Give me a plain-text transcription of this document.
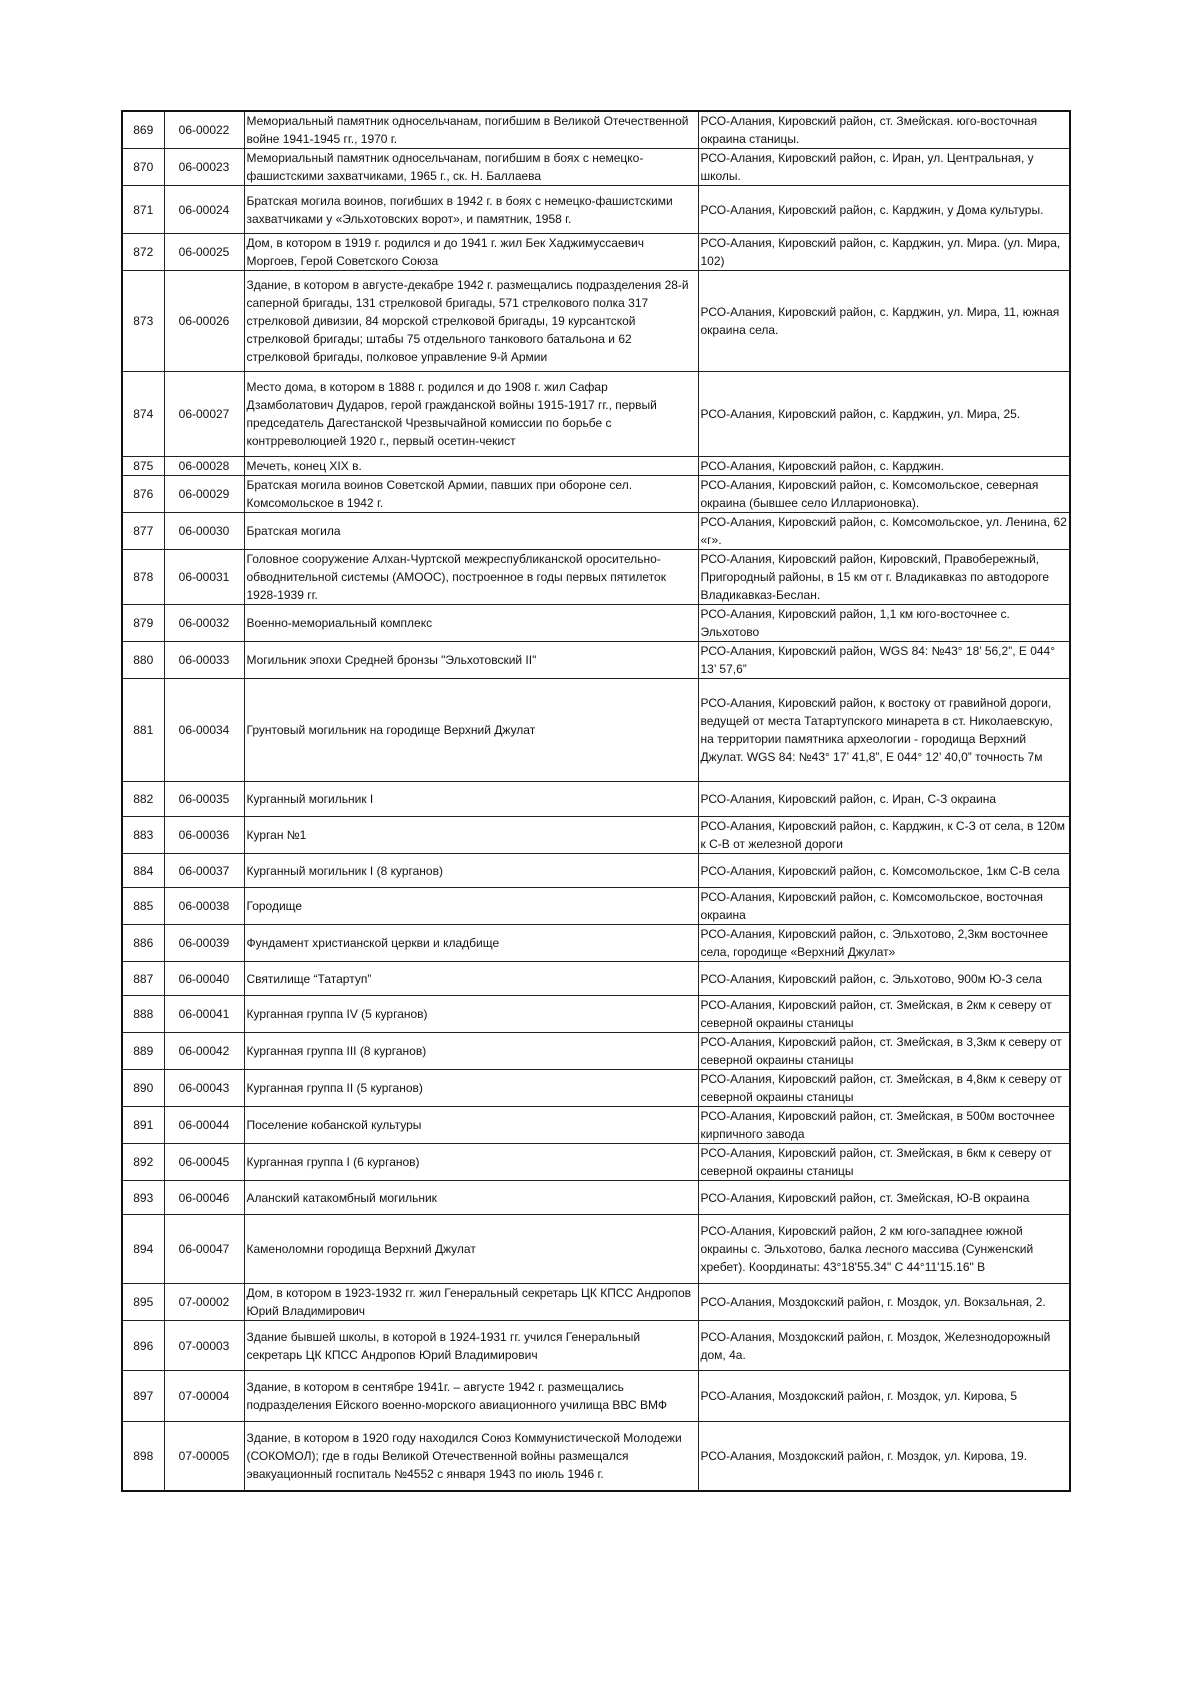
869	06-00022	Мемориальный памятник односельчанам, погибшим в Великой Отечественной войне 1941-1945 гг., 1970 г.	РСО-Алания, Кировский район, ст. Змейская. юго-восточная окраина станицы.
870	06-00023	Мемориальный памятник односельчанам, погибшим в боях с немецко-фашистскими захватчиками, 1965 г., ск. Н. Баллаева	РСО-Алания, Кировский район, с. Иран, ул. Центральная, у школы.
871	06-00024	Братская могила воинов, погибших в 1942 г. в боях с немецко-фашистскими захватчиками у «Эльхотовских ворот», и памятник, 1958 г.	РСО-Алания, Кировский район, с. Карджин, у Дома культуры.
872	06-00025	Дом, в котором в 1919 г. родился и до 1941 г. жил Бек Хаджимуссаевич Моргоев, Герой Советского Союза	РСО-Алания, Кировский район, с. Карджин, ул. Мира. (ул. Мира, 102)
873	06-00026	Здание, в котором в августе-декабре 1942 г. размещались подразделения 28-й саперной бригады, 131 стрелковой бригады, 571 стрелкового полка 317 стрелковой дивизии, 84 морской стрелковой бригады, 19 курсантской стрелковой бригады; штабы 75 отдельного танкового батальона и 62 стрелковой бригады, полковое управление 9-й Армии	РСО-Алания, Кировский район, с. Карджин, ул. Мира, 11, южная окраина села.
874	06-00027	Место дома, в котором в 1888 г. родился и до 1908 г. жил Сафар Дзамболатович Дударов, герой гражданской войны 1915-1917 гг., первый председатель Дагестанской Чрезвычайной комиссии по борьбе с контрреволюцией 1920 г., первый осетин-чекист	РСО-Алания, Кировский район, с. Карджин, ул. Мира, 25.
875	06-00028	Мечеть, конец XIX в.	РСО-Алания, Кировский район, с. Карджин.
876	06-00029	Братская могила воинов Советской Армии, павших при обороне сел. Комсомольское в 1942 г.	РСО-Алания, Кировский район, с. Комсомольское, северная окраина (бывшее село Илларионовка).
877	06-00030	Братская могила	РСО-Алания, Кировский район, с. Комсомольское, ул. Ленина, 62 «г».
878	06-00031	Головное сооружение Алхан-Чуртской межреспубликанской оросительно-обводнительной системы (АМООС), построенное в годы первых пятилеток 1928-1939 гг.	РСО-Алания, Кировский район, Кировский, Правобережный, Пригородный районы, в 15 км от г. Владикавказ по автодороге Владикавказ-Беслан.
879	06-00032	Военно-мемориальный комплекс	РСО-Алания, Кировский район, 1,1 км юго-восточнее с. Эльхотово
880	06-00033	Могильник эпохи Средней бронзы "Эльхотовский II"	РСО-Алания, Кировский район, WGS 84: №43° 18’ 56,2”, Е 044° 13’ 57,6”
881	06-00034	Грунтовый могильник на городище Верхний Джулат	РСО-Алания, Кировский район, к востоку от гравийной дороги, ведущей от места Татартупского минарета в ст. Николаевскую, на территории памятника археологии - городища Верхний Джулат. WGS 84: №43° 17’ 41,8”, Е 044° 12’ 40,0” точность 7м
882	06-00035	Курганный могильник I	РСО-Алания, Кировский район, с. Иран, С-З окраина
883	06-00036	Курган №1	РСО-Алания, Кировский район, с. Карджин, к С-З от села, в 120м к С-В от железной дороги
884	06-00037	Курганный могильник I (8 курганов)	РСО-Алания, Кировский район, с. Комсомольское, 1км С-В села
885	06-00038	Городище	РСО-Алания, Кировский район, с. Комсомольское, восточная окраина
886	06-00039	Фундамент христианской церкви и кладбище	РСО-Алания, Кировский район, с. Эльхотово, 2,3км восточнее села, городище «Верхний Джулат»
887	06-00040	Святилище “Татартуп”	РСО-Алания, Кировский район, с. Эльхотово, 900м Ю-З села
888	06-00041	Курганная группа IV (5 курганов)	РСО-Алания, Кировский район, ст. Змейская, в 2км к северу от северной окраины станицы
889	06-00042	Курганная группа III (8 курганов)	РСО-Алания, Кировский район, ст. Змейская, в 3,3км к северу от северной окраины станицы
890	06-00043	Курганная группа II (5 курганов)	РСО-Алания, Кировский район, ст. Змейская, в 4,8км к северу от северной окраины станицы
891	06-00044	Поселение кобанской культуры	РСО-Алания, Кировский район, ст. Змейская, в 500м восточнее кирпичного завода
892	06-00045	Курганная группа I (6 курганов)	РСО-Алания, Кировский район, ст. Змейская, в 6км к северу от северной окраины станицы
893	06-00046	Аланский катакомбный могильник	РСО-Алания, Кировский район, ст. Змейская, Ю-В окраина
894	06-00047	Каменоломни городища Верхний Джулат	РСО-Алания, Кировский район, 2 км юго-западнее южной окраины с. Эльхотово, балка лесного массива (Сунженский хребет). Координаты: 43°18'55.34" С 44°11'15.16" В
895	07-00002	Дом, в котором в 1923-1932 гг. жил Генеральный секретарь ЦК КПСС Андропов Юрий Владимирович	РСО-Алания, Моздокский район, г. Моздок, ул. Вокзальная, 2.
896	07-00003	Здание бывшей школы, в которой в 1924-1931 гг. учился Генеральный секретарь ЦК КПСС Андропов Юрий Владимирович	РСО-Алания, Моздокский район, г. Моздок, Железнодорожный дом, 4а.
897	07-00004	Здание, в котором в сентябре 1941г. – августе 1942 г. размещались подразделения Ейского военно-морского авиационного училища ВВС ВМФ	РСО-Алания, Моздокский район, г. Моздок, ул. Кирова, 5
898	07-00005	Здание, в котором в 1920 году находился Союз Коммунистической Молодежи (СОКОМОЛ); где в годы Великой Отечественной войны размещался эвакуационный госпиталь №4552 с января 1943 по июль 1946 г.	РСО-Алания, Моздокский район, г. Моздок, ул. Кирова, 19.
